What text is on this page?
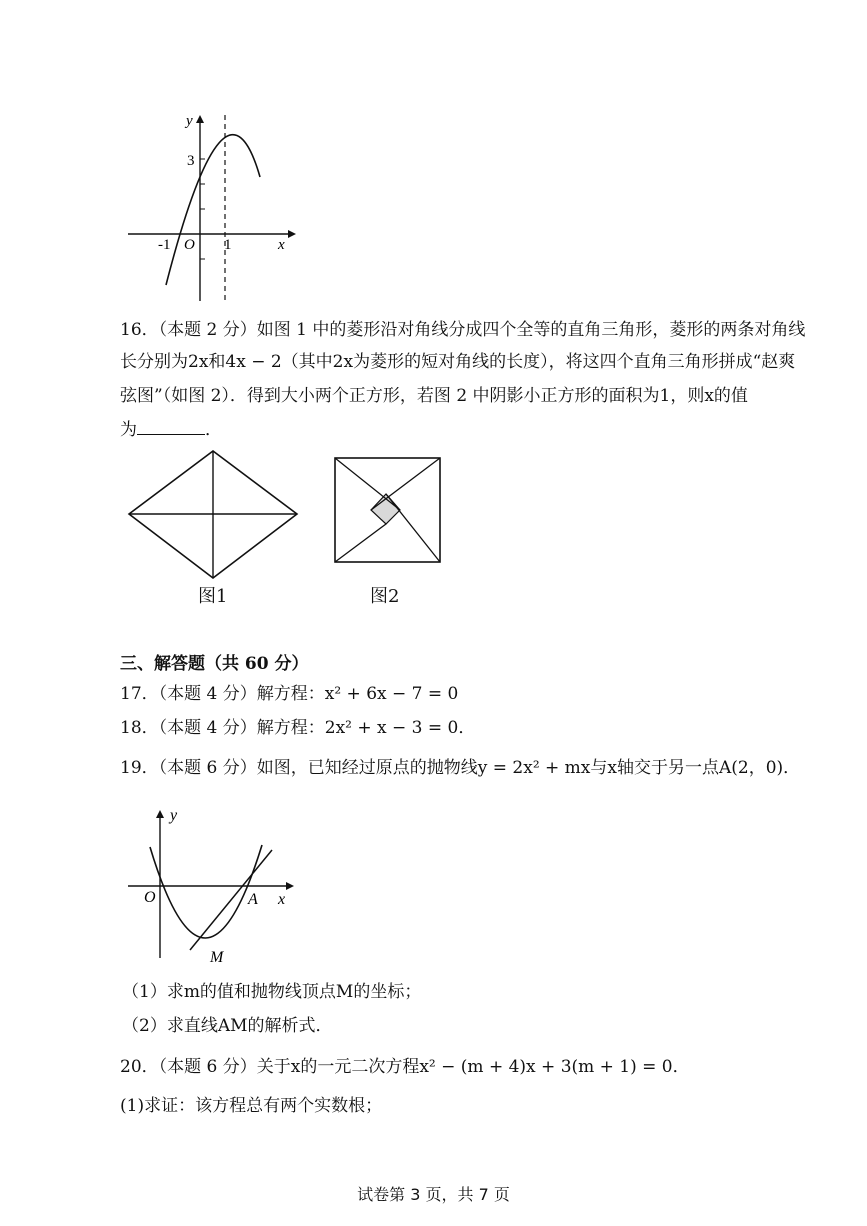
y
3
-1 O 1	x
16．（本题 2 分）如图 1 中的菱形沿对角线分成四个全等的直角三角形，菱形的两条对角线
长分别为2x和4x − 2（其中2x为菱形的短对角线的长度），将这四个直角三角形拼成“赵爽
弦图”（如图 2）．得到大小两个正方形，若图 2 中阴影小正方形的面积为1，则x的值
为	．
图1	图2
三、解答题（共 60 分）
17．（本题 4 分）解方程：x² + 6x − 7 = 0
18．（本题 4 分）解方程：2x² + x − 3 = 0．
19．（本题 6 分）如图，已知经过原点的抛物线y = 2x² + mx与x轴交于另一点A(2，0)．
y
O	A x
M
（1）求m的值和抛物线顶点M的坐标；
（2）求直线AM的解析式．
20．（本题 6 分）关于x的一元二次方程x² − (m + 4)x + 3(m + 1) = 0．
(1)求证：该方程总有两个实数根；
试卷第 3 页，共 7 页
